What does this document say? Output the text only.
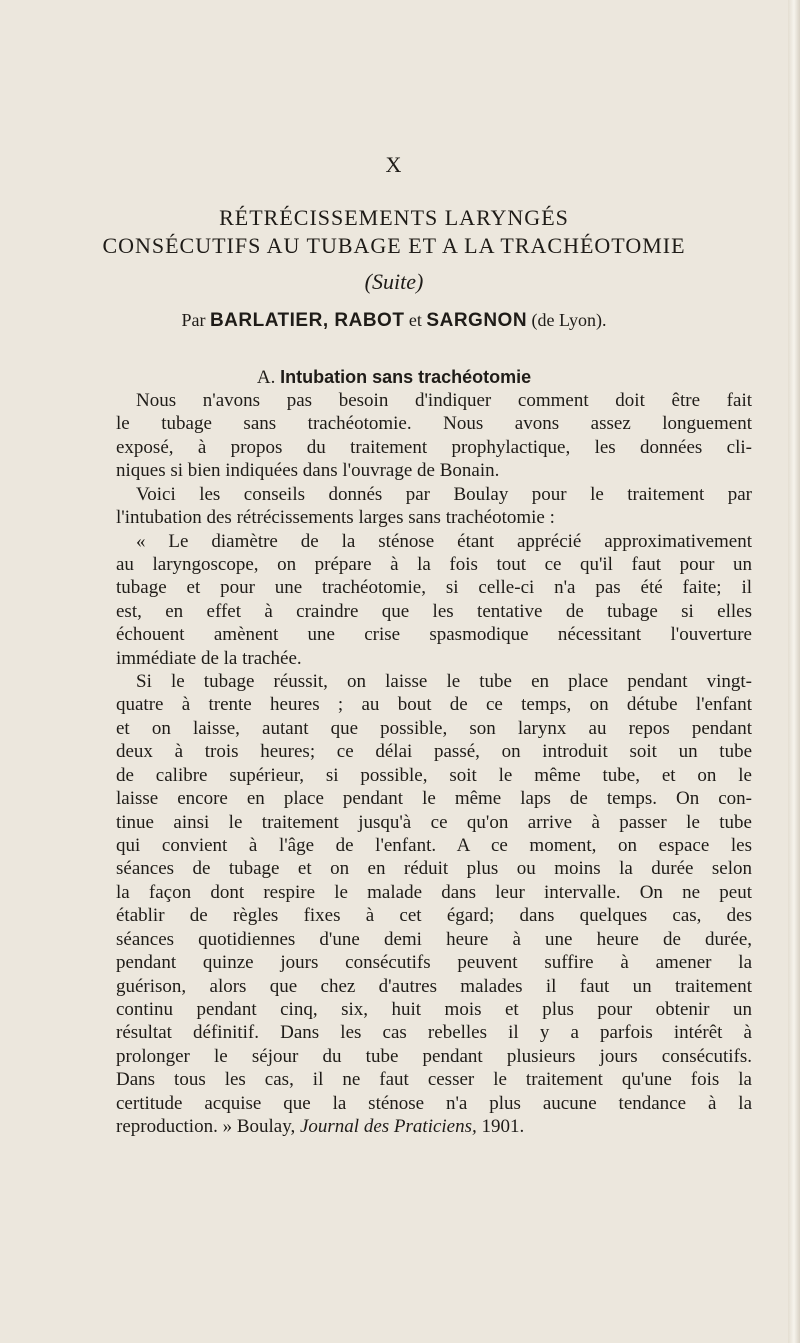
X
RÉTRÉCISSEMENTS LARYNGÉS
CONSÉCUTIFS AU TUBAGE ET A LA TRACHÉOTOMIE
(Suite)
Par BARLATIER, RABOT et SARGNON (de Lyon).
A. Intubation sans trachéotomie
Nous n'avons pas besoin d'indiquer comment doit être fait
le tubage sans trachéotomie. Nous avons assez longuement
exposé, à propos du traitement prophylactique, les données cli-
niques si bien indiquées dans l'ouvrage de Bonain.
Voici les conseils donnés par Boulay pour le traitement par
l'intubation des rétrécissements larges sans trachéotomie :
« Le diamètre de la sténose étant apprécié approximativement
au laryngoscope, on prépare à la fois tout ce qu'il faut pour un
tubage et pour une trachéotomie, si celle-ci n'a pas été faite; il
est, en effet à craindre que les tentative de tubage si elles
échouent amènent une crise spasmodique nécessitant l'ouverture
immédiate de la trachée.
Si le tubage réussit, on laisse le tube en place pendant vingt-
quatre à trente heures ; au bout de ce temps, on détube l'enfant
et on laisse, autant que possible, son larynx au repos pendant
deux à trois heures; ce délai passé, on introduit soit un tube
de calibre supérieur, si possible, soit le même tube, et on le
laisse encore en place pendant le même laps de temps. On con-
tinue ainsi le traitement jusqu'à ce qu'on arrive à passer le tube
qui convient à l'âge de l'enfant. A ce moment, on espace les
séances de tubage et on en réduit plus ou moins la durée selon
la façon dont respire le malade dans leur intervalle. On ne peut
établir de règles fixes à cet égard; dans quelques cas, des
séances quotidiennes d'une demi heure à une heure de durée,
pendant quinze jours consécutifs peuvent suffire à amener la
guérison, alors que chez d'autres malades il faut un traitement
continu pendant cinq, six, huit mois et plus pour obtenir un
résultat définitif. Dans les cas rebelles il y a parfois intérêt à
prolonger le séjour du tube pendant plusieurs jours consécutifs.
Dans tous les cas, il ne faut cesser le traitement qu'une fois la
certitude acquise que la sténose n'a plus aucune tendance à la
reproduction. » Boulay, Journal des Praticiens, 1901.
